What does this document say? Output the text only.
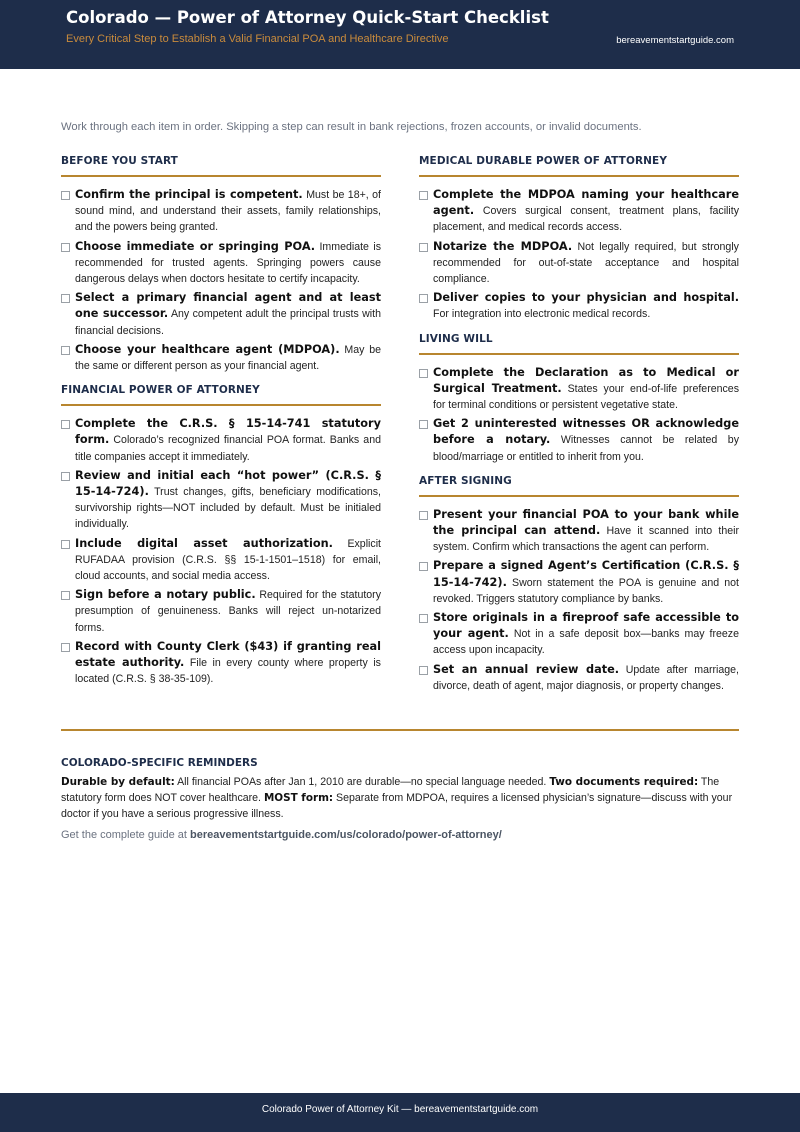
Colorado — Power of Attorney Quick-Start Checklist
Every Critical Step to Establish a Valid Financial POA and Healthcare Directive	bereavementstartguide.com
Work through each item in order. Skipping a step can result in bank rejections, frozen accounts, or invalid documents.
BEFORE YOU START
Confirm the principal is competent. Must be 18+, of sound mind, and understand their assets, family relationships, and the powers being granted.
Choose immediate or springing POA. Immediate is recommended for trusted agents. Springing powers cause dangerous delays when doctors hesitate to certify incapacity.
Select a primary financial agent and at least one successor. Any competent adult the principal trusts with financial decisions.
Choose your healthcare agent (MDPOA). May be the same or different person as your financial agent.
FINANCIAL POWER OF ATTORNEY
Complete the C.R.S. § 15-14-741 statutory form. Colorado’s recognized financial POA format. Banks and title companies accept it immediately.
Review and initial each “hot power” (C.R.S. § 15-14-724). Trust changes, gifts, beneficiary modifications, survivorship rights—NOT included by default. Must be initialed individually.
Include digital asset authorization. Explicit RUFADAA provision (C.R.S. §§ 15-1-1501–1518) for email, cloud accounts, and social media access.
Sign before a notary public. Required for the statutory presumption of genuineness. Banks will reject un-notarized forms.
Record with County Clerk ($43) if granting real estate authority. File in every county where property is located (C.R.S. § 38-35-109).
MEDICAL DURABLE POWER OF ATTORNEY
Complete the MDPOA naming your healthcare agent. Covers surgical consent, treatment plans, facility placement, and medical records access.
Notarize the MDPOA. Not legally required, but strongly recommended for out-of-state acceptance and hospital compliance.
Deliver copies to your physician and hospital. For integration into electronic medical records.
LIVING WILL
Complete the Declaration as to Medical or Surgical Treatment. States your end-of-life preferences for terminal conditions or persistent vegetative state.
Get 2 uninterested witnesses OR acknowledge before a notary. Witnesses cannot be related by blood/marriage or entitled to inherit from you.
AFTER SIGNING
Present your financial POA to your bank while the principal can attend. Have it scanned into their system. Confirm which transactions the agent can perform.
Prepare a signed Agent’s Certification (C.R.S. § 15-14-742). Sworn statement the POA is genuine and not revoked. Triggers statutory compliance by banks.
Store originals in a fireproof safe accessible to your agent. Not in a safe deposit box—banks may freeze access upon incapacity.
Set an annual review date. Update after marriage, divorce, death of agent, major diagnosis, or property changes.
COLORADO-SPECIFIC REMINDERS
Durable by default: All financial POAs after Jan 1, 2010 are durable—no special language needed. Two documents required: The statutory form does NOT cover healthcare. MOST form: Separate from MDPOA, requires a licensed physician’s signature—discuss with your doctor if you have a serious progressive illness.
Get the complete guide at bereavementstartguide.com/us/colorado/power-of-attorney/
Colorado Power of Attorney Kit — bereavementstartguide.com
